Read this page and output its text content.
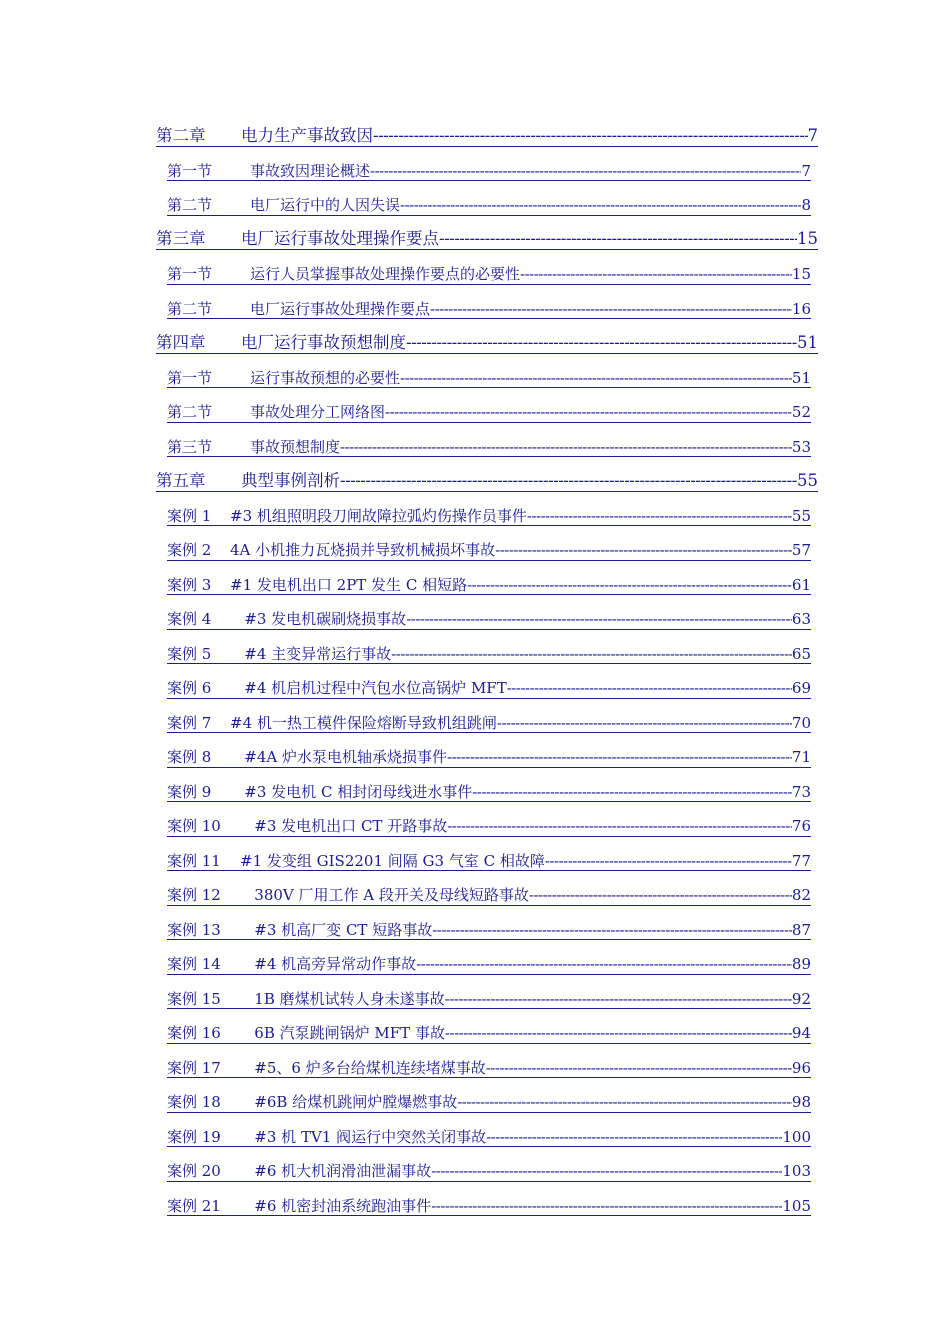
第二章	电力生产事故致因 -----	7
第一节	事故致因理论概述 -----	7
第二节	电厂运行中的人因失误 -----	8
第三章	电厂运行事故处理操作要点 -----	15
第一节	运行人员掌握事故处理操作要点的必要性 -----	15
第二节	电厂运行事故处理操作要点 -----	16
第四章	电厂运行事故预想制度 -----	51
第一节	运行事故预想的必要性 -----	51
第二节	事故处理分工网络图 -----	52
第三节	事故预想制度 -----	53
第五章	典型事例剖析 -----	55
案例 1	#3 机组照明段刀闸故障拉弧灼伤操作员事件 -----	55
案例 2	4A 小机推力瓦烧损并导致机械损坏事故 -----	57
案例 3	#1 发电机出口 2PT 发生 C 相短路 -----	61
案例 4	#3 发电机碳刷烧损事故 -----	63
案例 5	#4 主变异常运行事故 -----	65
案例 6	#4 机启机过程中汽包水位高锅炉 MFT -----	69
案例 7	#4 机一热工模件保险熔断导致机组跳闸 -----	70
案例 8	#4A 炉水泵电机轴承烧损事件 -----	71
案例 9	#3 发电机 C 相封闭母线进水事件 -----	73
案例 10	#3 发电机出口 CT 开路事故 -----	76
案例 11	#1 发变组 GIS2201 间隔 G3 气室 C 相故障 -----	77
案例 12	380V 厂用工作 A 段开关及母线短路事故 -----	82
案例 13	#3 机高厂变 CT 短路事故 -----	87
案例 14	#4 机高旁异常动作事故 -----	89
案例 15	1B 磨煤机试转人身未遂事故 -----	92
案例 16	6B 汽泵跳闸锅炉 MFT 事故 -----	94
案例 17	#5、6 炉多台给煤机连续堵煤事故 -----	96
案例 18	#6B 给煤机跳闸炉膛爆燃事故 -----	98
案例 19	#3 机 TV1 阀运行中突然关闭事故 -----	100
案例 20	#6 机大机润滑油泄漏事故 -----	103
案例 21	#6 机密封油系统跑油事件 -----	105
